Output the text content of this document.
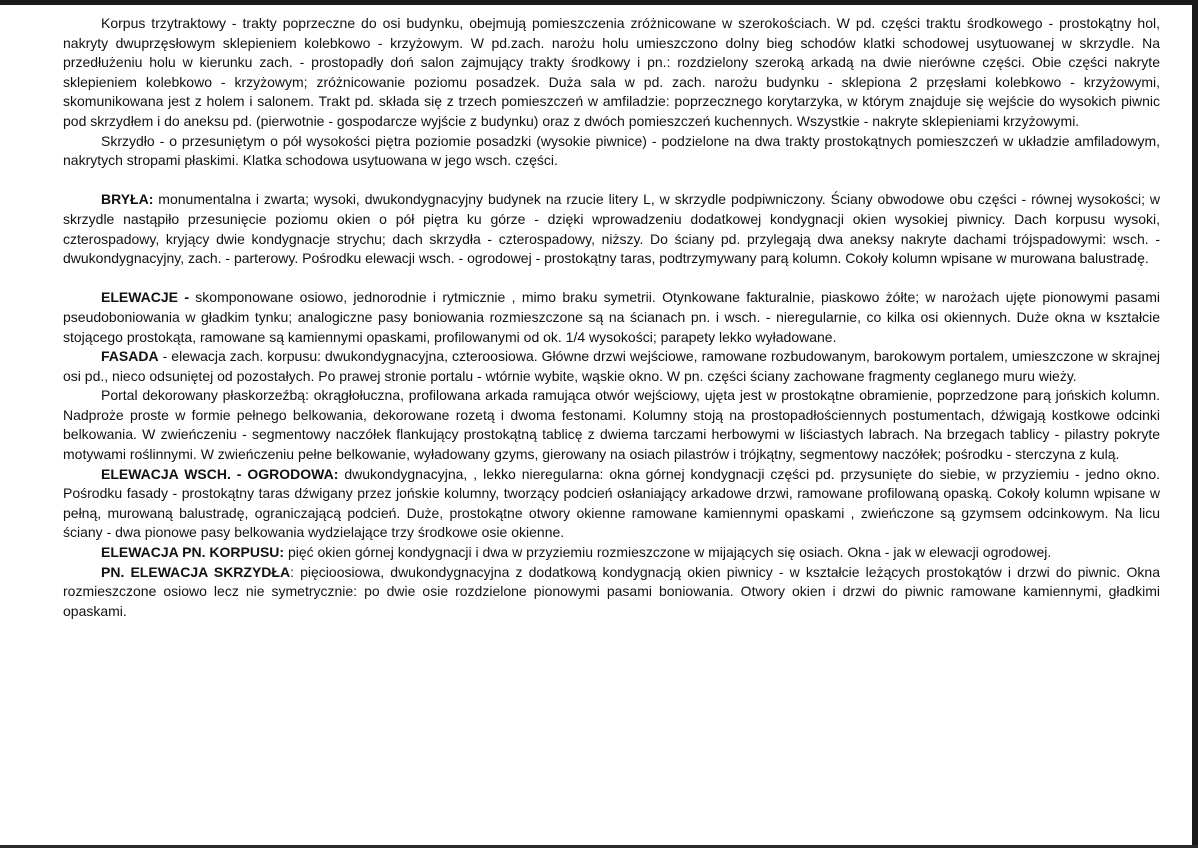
Korpus trzytraktowy - trakty poprzeczne do osi budynku, obejmują pomieszczenia zróżnicowane w szerokościach. W pd. części traktu środkowego - prostokątny hol, nakryty dwuprzęsłowym sklepieniem kolebkowo - krzyżowym. W pd.zach. narożu holu umieszczono dolny bieg schodów klatki schodowej usytuowanej w skrzydle. Na przedłużeniu holu w kierunku zach. - prostopadły doń salon zajmujący trakty środkowy i pn.: rozdzielony szeroką arkadą na dwie nierówne części. Obie części nakryte sklepieniem kolebkowo - krzyżowym; zróżnicowanie poziomu posadzek. Duża sala w pd. zach. narożu budynku - sklepiona 2 przęsłami kolebkowo - krzyżowymi, skomunikowana jest z holem i salonem. Trakt pd. składa się z trzech pomieszczeń w amfiladzie: poprzecznego korytarzyka, w którym znajduje się wejście do wysokich piwnic pod skrzydłem i do aneksu pd. (pierwotnie - gospodarcze wyjście z budynku) oraz z dwóch pomieszczeń kuchennych. Wszystkie - nakryte sklepieniami krzyżowymi.

Skrzydło - o przesuniętym o pół wysokości piętra poziomie posadzki (wysokie piwnice) - podzielone na dwa trakty prostokątnych pomieszczeń w układzie amfiladowym, nakrytych stropami płaskimi. Klatka schodowa usytuowana w jego wsch. części.

BRYŁA: monumentalna i zwarta; wysoki, dwukondygnacyjny budynek na rzucie litery L, w skrzydle podpiwniczony. Ściany obwodowe obu części - równej wysokości; w skrzydle nastąpiło przesunięcie poziomu okien o pół piętra ku górze - dzięki wprowadzeniu dodatkowej kondygnacji okien wysokiej piwnicy. Dach korpusu wysoki, czterospadowy, kryjący dwie kondygnacje strychu; dach skrzydła - czterospadowy, niższy. Do ściany pd. przylegają dwa aneksy nakryte dachami trójspadowymi: wsch. - dwukondygnacyjny, zach. - parterowy. Pośrodku elewacji wsch. - ogrodowej - prostokątny taras, podtrzymywany parą kolumn. Cokoły kolumn wpisane w murowana balustradę.

ELEWACJE - skomponowane osiowo, jednorodnie i rytmicznie , mimo braku symetrii. Otynkowane fakturalnie, piaskowo żółte; w narożach ujęte pionowymi pasami pseudoboniowania w gładkim tynku; analogiczne pasy boniowania rozmieszczone są na ścianach pn. i wsch. - nieregularnie, co kilka osi okiennych. Duże okna w kształcie stojącego prostokąta, ramowane są kamiennymi opaskami, profilowanymi od ok. 1/4 wysokości; parapety lekko wyładowane.

FASADA - elewacja zach. korpusu: dwukondygnacyjna, czteroosiowa. Główne drzwi wejściowe, ramowane rozbudowanym, barokowym portalem, umieszczone w skrajnej osi pd., nieco odsuniętej od pozostałych. Po prawej stronie portalu - wtórnie wybite, wąskie okno. W pn. części ściany zachowane fragmenty ceglanego muru wieży.

Portal dekorowany płaskorzeźbą: okrągłołuczna, profilowana arkada ramująca otwór wejściowy, ujęta jest w prostokątne obramienie, poprzedzone parą jońskich kolumn. Nadproże proste w formie pełnego belkowania, dekorowane rozetą i dwoma festonami. Kolumny stoją na prostopadłościennych postumentach, dźwigają kostkowe odcinki belkowania. W zwieńczeniu - segmentowy naczółek flankujący prostokątną tablicę z dwiema tarczami herbowymi w liściastych labrach. Na brzegach tablicy - pilastry pokryte motywami roślinnymi. W zwieńczeniu pełne belkowanie, wyładowany gzyms, gierowany na osiach pilastrów i trójkątny, segmentowy naczółek; pośrodku - sterczyna z kulą.

ELEWACJA WSCH. - OGRODOWA: dwukondygnacyjna, , lekko nieregularna: okna górnej kondygnacji części pd. przysunięte do siebie, w przyziemiu - jedno okno. Pośrodku fasady - prostokątny taras dźwigany przez jońskie kolumny, tworzący podcień osłaniający arkadowe drzwi, ramowane profilowaną opaską. Cokoły kolumn wpisane w pełną, murowaną balustradę, ograniczającą podcień. Duże, prostokątne otwory okienne ramowane kamiennymi opaskami , zwieńczone są gzymsem odcinkowym. Na licu ściany - dwa pionowe pasy belkowania wydzielające trzy środkowe osie okienne.

ELEWACJA PN. KORPUSU: pięć okien górnej kondygnacji i dwa w przyziemiu rozmieszczone w mijających się osiach. Okna - jak w elewacji ogrodowej.

PN. ELEWACJA SKRZYDŁA: pięcioosiowa, dwukondygnacyjna z dodatkową kondygnacją okien piwnicy - w kształcie leżących prostokątów i drzwi do piwnic. Okna rozmieszczone osiowo lecz nie symetrycznie: po dwie osie rozdzielone pionowymi pasami boniowania. Otwory okien i drzwi do piwnic ramowane kamiennymi, gładkimi opaskami.
